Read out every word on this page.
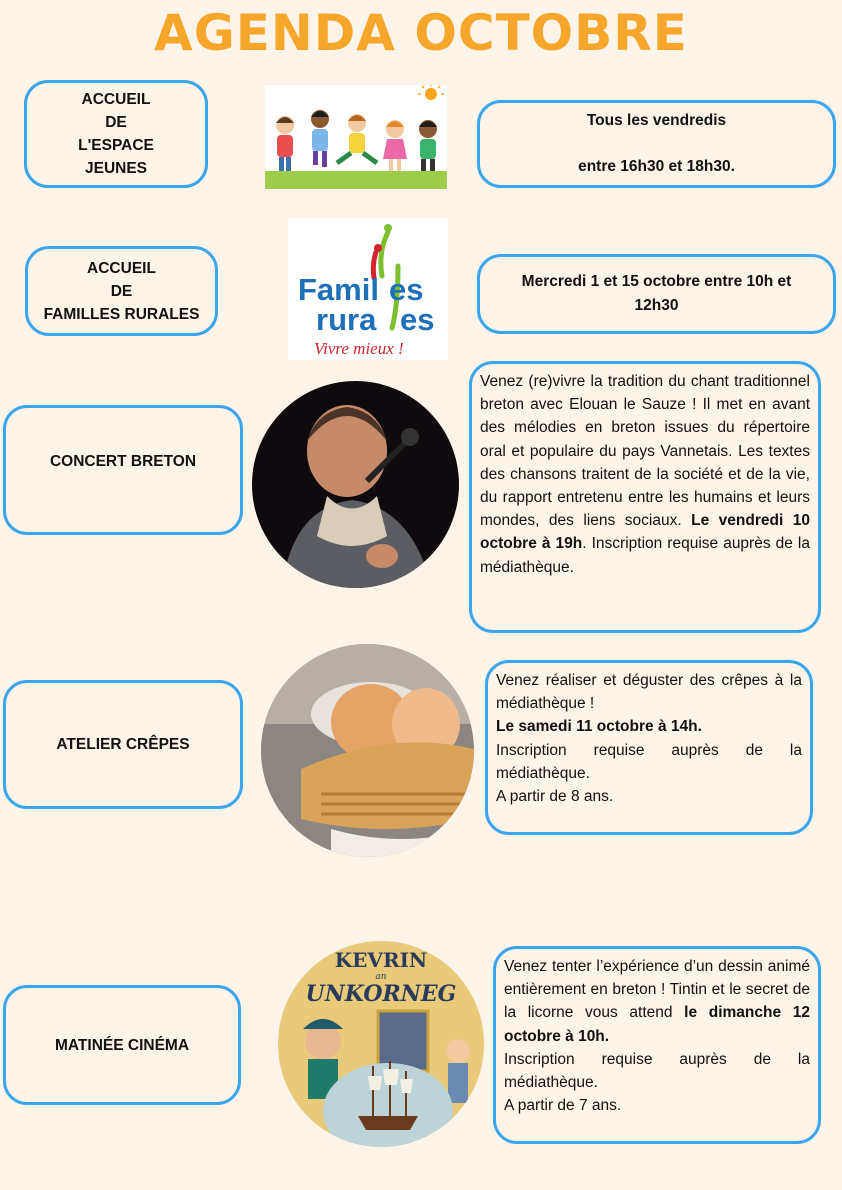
AGENDA OCTOBRE
ACCUEIL
DE
L'ESPACE
JEUNES
Tous les vendredis
entre 16h30 et 18h30.
ACCUEIL
DE
FAMILLES RURALES
Famil es
rura es
Vivre mieux !
Mercredi 1 et 15 octobre entre 10h et
12h30
CONCERT BRETON
Venez (re)vivre la tradition du chant traditionnel breton avec Elouan le Sauze ! Il met en avant des mélodies en breton issues du répertoire oral et populaire du pays Vannetais. Les textes des chansons traitent de la société et de la vie, du rapport entretenu entre les humains et leurs mondes, des liens sociaux. Le vendredi 10 octobre à 19h. Inscription requise auprès de la médiathèque.
ATELIER CRÊPES
Venez réaliser et déguster des crêpes à la médiathèque !
Le samedi 11 octobre à 14h.
Inscription requise auprès de la médiathèque.
A partir de 8 ans.
MATINÉE CINÉMA
KEVRIN
an
UNKORNEG
Venez tenter l’expérience d’un dessin animé entièrement en breton ! Tintin et le secret de la licorne vous attend le dimanche 12 octobre à 10h.
Inscription requise auprès de la médiathèque.
A partir de 7 ans.
